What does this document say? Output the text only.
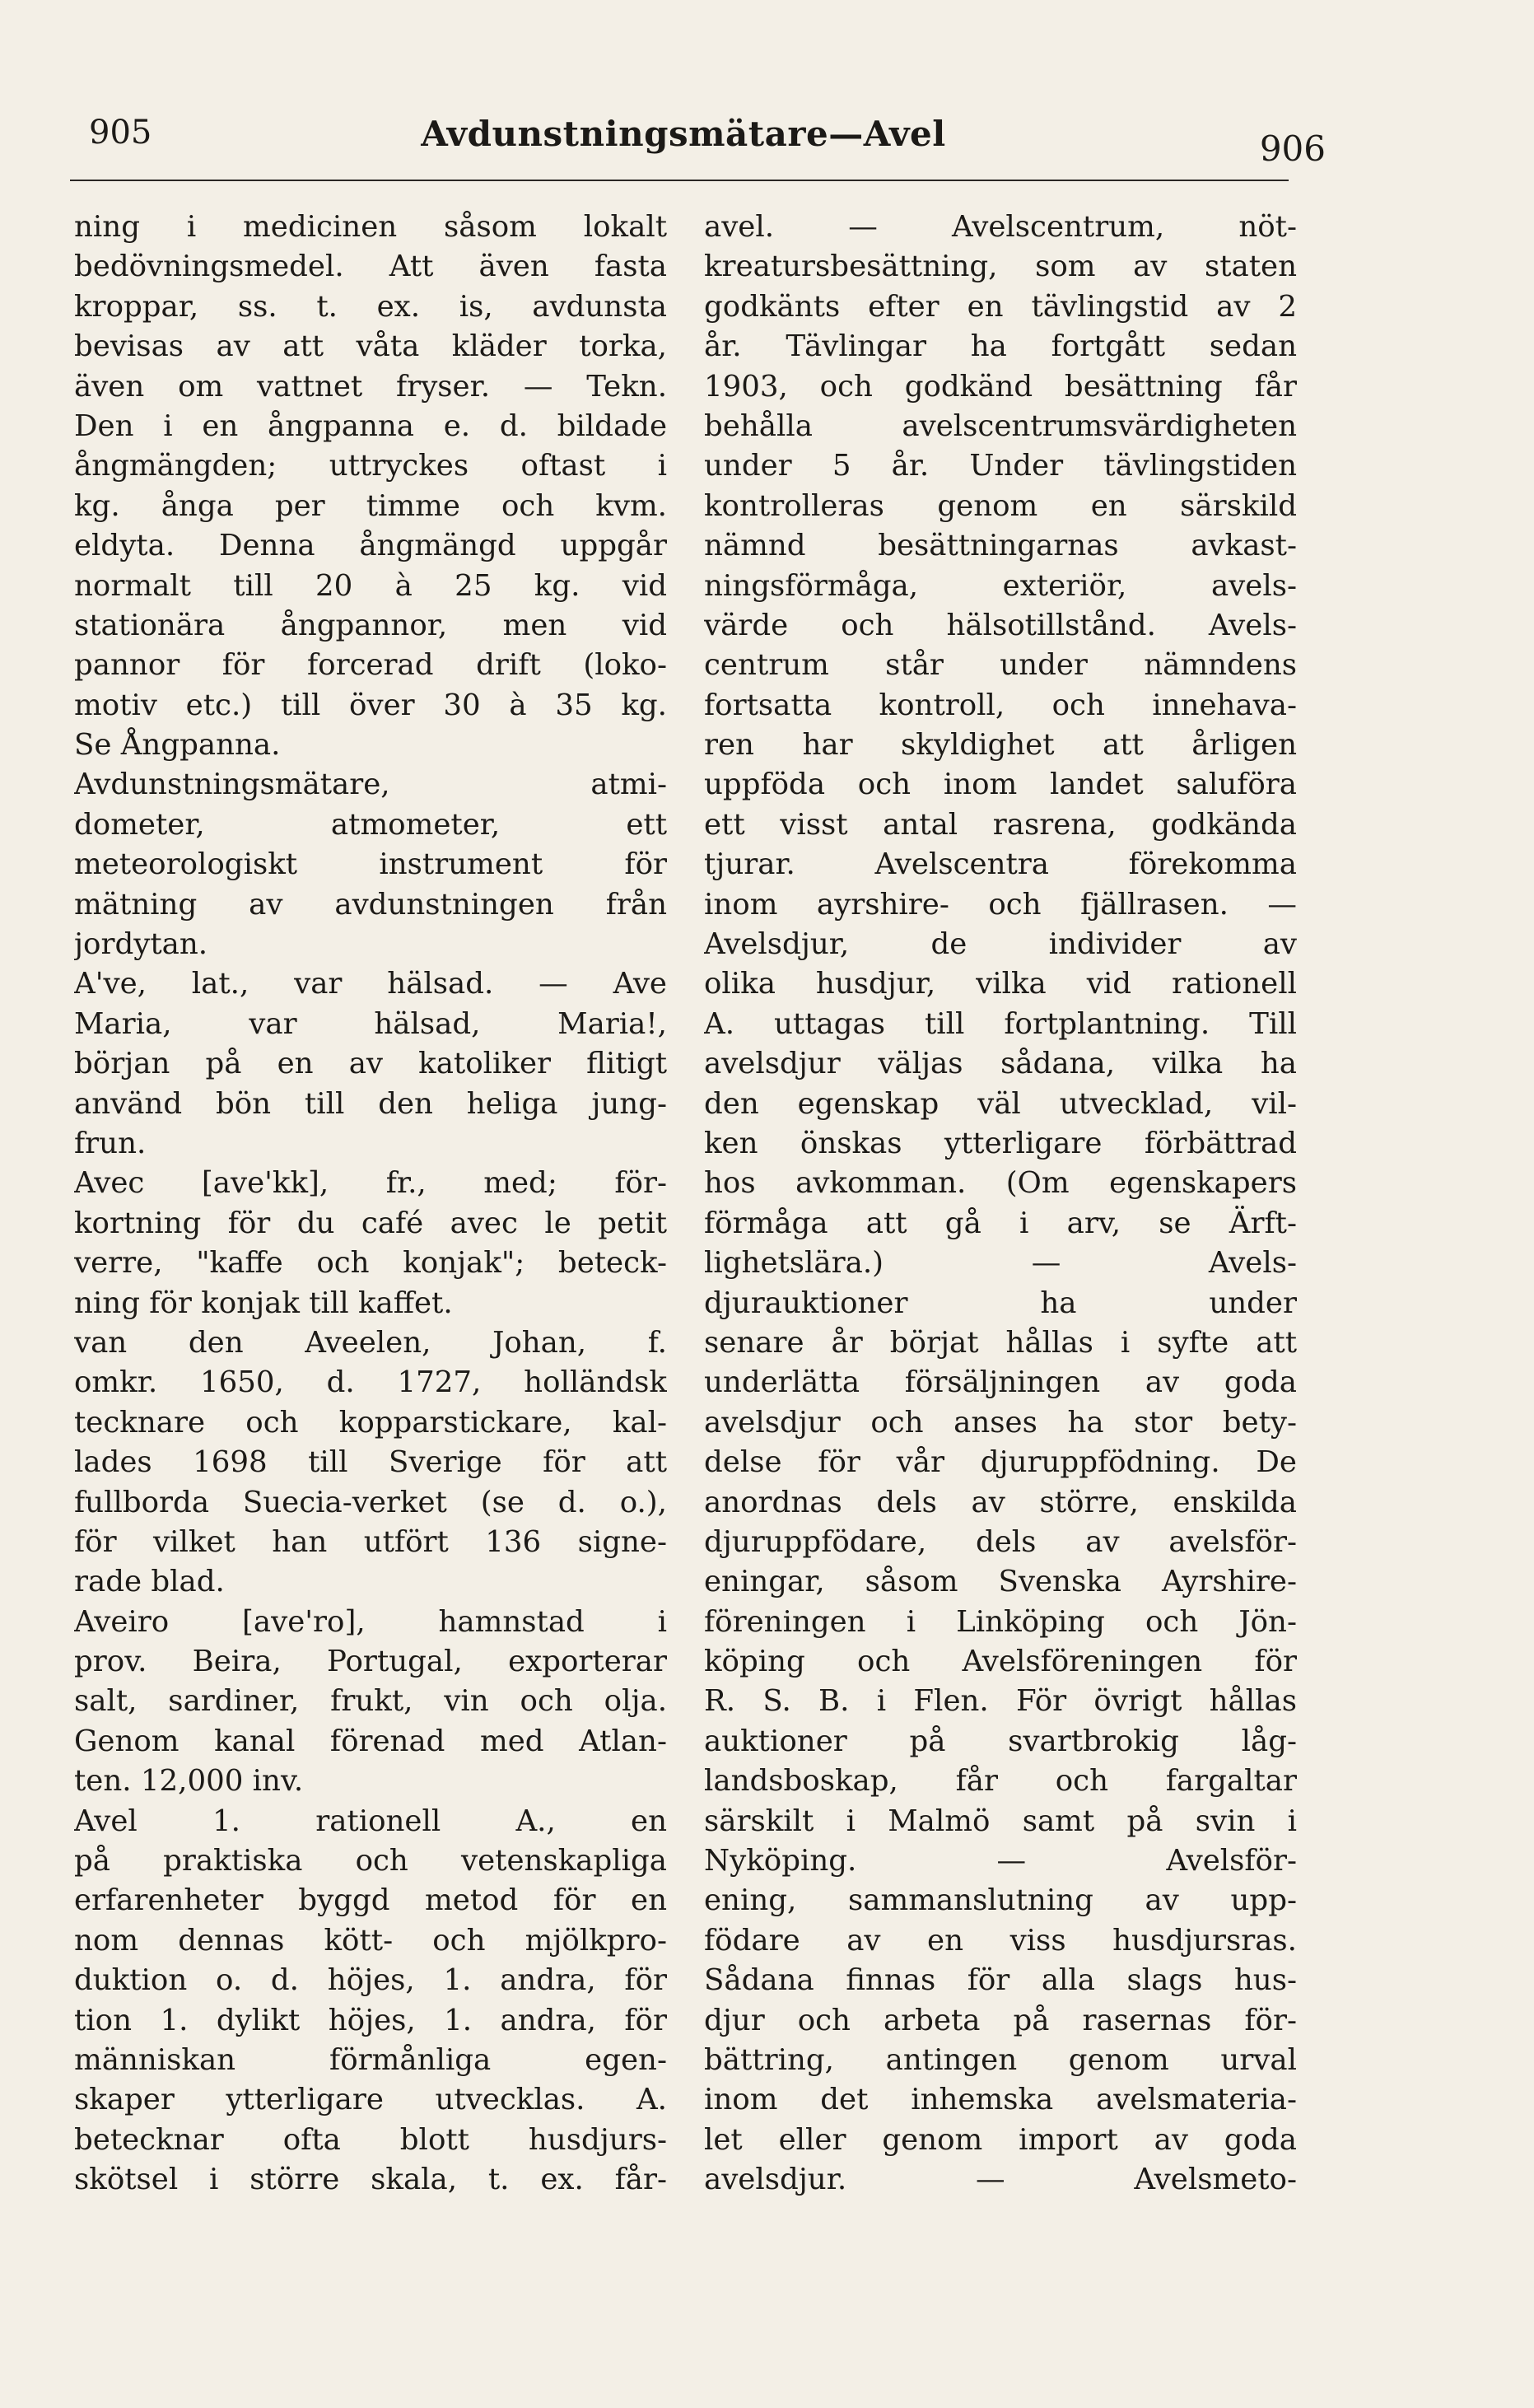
905	Avdunstningsmätare—Avel	906
ning i medicinen såsom lokalt
bedövningsmedel. Att även fasta
kroppar, ss. t. ex. is, avdunsta
bevisas av att våta kläder torka,
även om vattnet fryser. — Tekn.
Den i en ångpanna e. d. bildade
ångmängden; uttryckes oftast i
kg. ånga per timme och kvm.
eldyta. Denna ångmängd uppgår
normalt till 20 à 25 kg. vid
stationära ångpannor, men vid
pannor för forcerad drift (loko-
motiv etc.) till över 30 à 35 kg.
Se Ångpanna.
Avdunstningsmätare, atmi-
dometer, atmometer, ett
meteorologiskt instrument för
mätning av avdunstningen från
jordytan.
A've, lat., var hälsad. — Ave
Maria, var hälsad, Maria!,
början på en av katoliker flitigt
använd bön till den heliga jung-
frun.
Avec [ave'kk], fr., med; för-
kortning för du café avec le petit
verre, "kaffe och konjak"; beteck-
ning för konjak till kaffet.
van den Aveelen, Johan, f.
omkr. 1650, d. 1727, holländsk
tecknare och kopparstickare, kal-
lades 1698 till Sverige för att
fullborda Suecia-verket (se d. o.),
för vilket han utfört 136 signe-
rade blad.
Aveiro [ave'ro], hamnstad i
prov. Beira, Portugal, exporterar
salt, sardiner, frukt, vin och olja.
Genom kanal förenad med Atlan-
ten. 12,000 inv.
Avel 1. rationell A., en
på praktiska och vetenskapliga
erfarenheter byggd metod för en
nom dennas kött- och mjölkpro-
duktion o. d. höjes, 1. andra, för
tion 1. dylikt höjes, 1. andra, för
människan förmånliga egen-
skaper ytterligare utvecklas. A.
betecknar ofta blott husdjurs-
skötsel i större skala, t. ex. får-
avel. — Avelscentrum, nöt-
kreatursbesättning, som av staten
godkänts efter en tävlingstid av 2
år. Tävlingar ha fortgått sedan
1903, och godkänd besättning får
behålla avelscentrumsvärdigheten
under 5 år. Under tävlingstiden
kontrolleras genom en särskild
nämnd besättningarnas avkast-
ningsförmåga, exteriör, avels-
värde och hälsotillstånd. Avels-
centrum står under nämndens
fortsatta kontroll, och innehava-
ren har skyldighet att årligen
uppföda och inom landet saluföra
ett visst antal rasrena, godkända
tjurar. Avelscentra förekomma
inom ayrshire- och fjällrasen. —
Avelsdjur, de individer av
olika husdjur, vilka vid rationell
A. uttagas till fortplantning. Till
avelsdjur väljas sådana, vilka ha
den egenskap väl utvecklad, vil-
ken önskas ytterligare förbättrad
hos avkomman. (Om egenskapers
förmåga att gå i arv, se Ärft-
lighetslära.) — Avels-
djurauktioner ha under
senare år börjat hållas i syfte att
underlätta försäljningen av goda
avelsdjur och anses ha stor bety-
delse för vår djuruppfödning. De
anordnas dels av större, enskilda
djuruppfödare, dels av avelsför-
eningar, såsom Svenska Ayrshire-
föreningen i Linköping och Jön-
köping och Avelsföreningen för
R. S. B. i Flen. För övrigt hållas
auktioner på svartbrokig låg-
landsboskap, får och fargaltar
särskilt i Malmö samt på svin i
Nyköping. — Avelsför-
ening, sammanslutning av upp-
födare av en viss husdjursras.
Sådana finnas för alla slags hus-
djur och arbeta på rasernas för-
bättring, antingen genom urval
inom det inhemska avelsmateria-
let eller genom import av goda
avelsdjur. — Avelsmeto-
